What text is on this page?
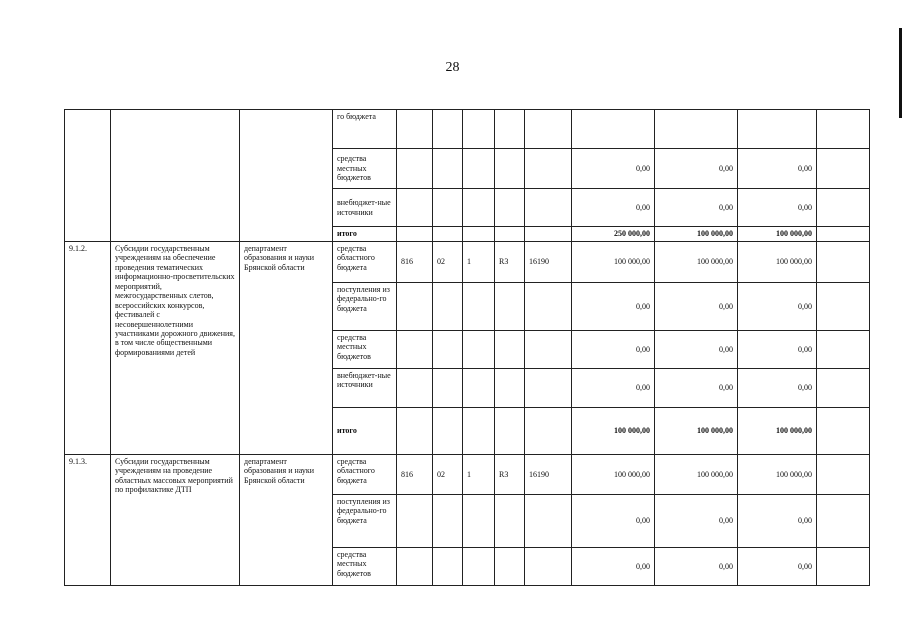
28
			го бюджета									
			средства местных бюджетов						0,00	0,00	0,00	
			внебюджет-ные источники						0,00	0,00	0,00	
			итого						250 000,00	100 000,00	100 000,00	
9.1.2.	Субсидии государственным учреждениям на обеспечение проведения тематических информационно-просветительских мероприятий, межгосударственных слетов, всероссийских конкурсов, фестивалей с несовершеннолетними участниками дорожного движения, в том числе общественными формированиями детей	департамент образования и науки Брянской области	средства областного бюджета	816	02	1	R3	16190	100 000,00	100 000,00	100 000,00	
			поступления из федерально-го бюджета						0,00	0,00	0,00	
			средства местных бюджетов						0,00	0,00	0,00	
			внебюджет-ные источники						0,00	0,00	0,00	
			итого						100 000,00	100 000,00	100 000,00	
9.1.3.	Субсидии государственным учреждениям на проведение областных массовых мероприятий по профилактике ДТП	департамент образования и науки Брянской области	средства областного бюджета	816	02	1	R3	16190	100 000,00	100 000,00	100 000,00	
			поступления из федерально-го бюджета						0,00	0,00	0,00	
			средства местных бюджетов						0,00	0,00	0,00	
